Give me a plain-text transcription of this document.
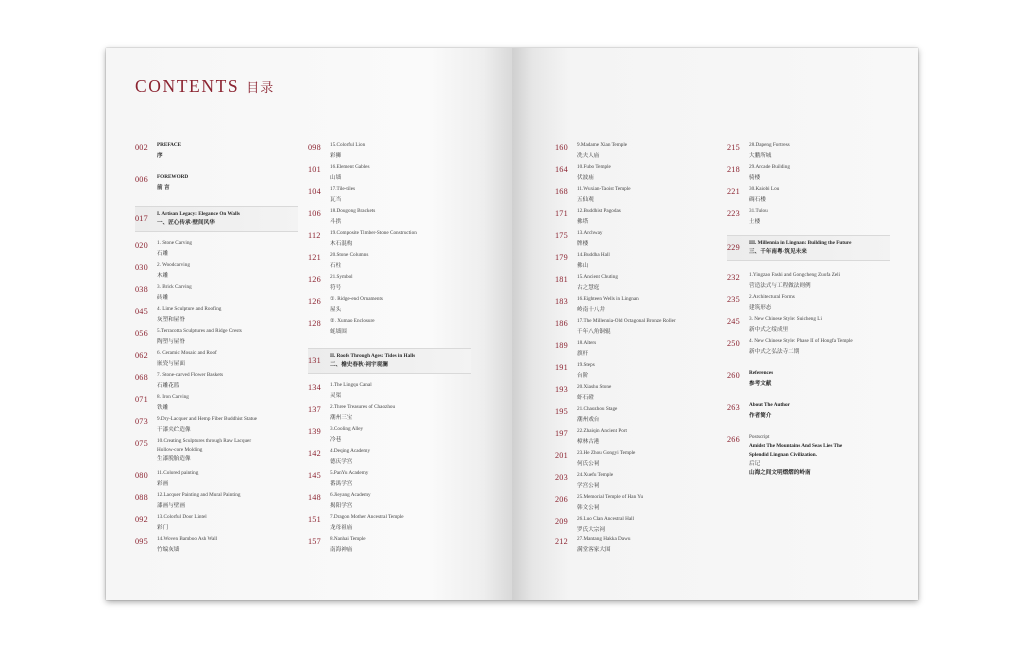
CONTENTS 目录
002 PREFACE
序
006 FOREWORD
前 言
017 I. Artisan Legacy: Elegance On Walls
一、匠心传承·壁间风华
020 1. Stone Carving
石雕
030 2. Woodcarving
木雕
038 3. Brick Carving
砖雕
045 4. Lime Sculpture and Roofing
灰塑和屋脊
056 5.Terracotta Sculptures and Ridge Crests
陶塑与屋脊
062 6. Ceramic Mosaic and Roof
嵌瓷与屋面
068 7. Stone-carved Flower Baskets
石雕花篮
071 8. Iron Carving
铁雕
073 9.Dry-Lacquer and Hemp Fiber Buddhist Statue
干漆夹纻造像
075 10.Creating Sculptures through Raw Lacquer
Hollow-core Molding
生漆脱胎造像
080 11.Colored painting
彩画
088 12.Lacquer Painting and Mural Painting
漆画与壁画
092 13.Colorful Door Lintel
彩门
095 14.Woven Bamboo Ash Wall
竹编灰墙
098 15.Colorful Lion
彩狮
101 16.Element Gables
山墙
104 17.Tile-tiles
瓦当
106 18.Dougong Brackets
斗拱
112 19.Composite Timber-Stone Construction
木石混构
121 20.Stone Columns
石柱
126 21.Symbol
符号
126 ①. Ridge-end Ornaments
屋头
128 ②. Xumao Enclosure
蚝墙围
131 II. Roofs Through Ages: Tides in Halls
二、檐史春秋·祠宇观澜
134 1.The Lingqu Canal
灵渠
137 2.Three Treasures of Chaozhou
潮州三宝
139 3.Cooling Alley
冷巷
142 4.Deqing Academy
德庆学宫
145 5.PanYu Academy
番禺学宫
148 6.Jieyang Academy
揭阳学宫
151 7.Dragon Mother Ancestral Temple
龙母祖庙
157 8.Nanhai Temple
南海神庙
160 9.Madame Xian Temple
冼夫人庙
164 10.Fubo Temple
伏波庙
168 11.Wuxian-Taoist Temple
五仙观
171 12.Buddhist Pagodas
佛塔
175 13.Archway
牌楼
179 14.Buddha Hall
佛山
181 15.Ancient Chuting
古之慧庭
183 16.Eighteen Wells in Lingnan
岭南十八井
186 17.The Millennia-Old Octagonal Bronze Roller
千年八角铜辊
189 18.Alters
旗杆
191 19.Steps
台阶
193 20.Xiashu Stone
虾石磴
195 21.Chaozhou Stage
潮州戏台
197 22.Zhaiqin Ancient Port
樟林古港
201 23.He Zhou Gongyi Temple
何氏公祠
203 24.Xuefu Temple
学宫公祠
206 25.Memorial Temple of Han Yu
韩文公祠
209 26.Luo Clan Ancestral Hall
罗氏大宗祠
212 27.Mantang Hakka Dawu
满堂客家大围
215 28.Dapeng Fortress
大鹏所城
218 29.Arcade Building
骑楼
221 30.Kaiobi Lou
碉石楼
223 31.Tulou
土楼
229 III. Millennia in Lingnan: Building the Future
三、千年南粤·筑见未来
232 1.Yingzao Fashi and Gongcheng Zuofa Zeli
营造法式与工程做法则例
235 2.Architectural Forms
建筑形态
245 3. New Chinese Style: Suicheng Li
新中式之绥成里
250 4. New Chinese Style: Phase II of Hongfa Temple
新中式之弘法寺二期
260 References
参考文献
263 About The Author
作者简介
266 Postscript
Amidst The Mountains And Seas Lies The
Splendid Lingnan Civilization.
后记
山海之间文明熠熠的岭南
